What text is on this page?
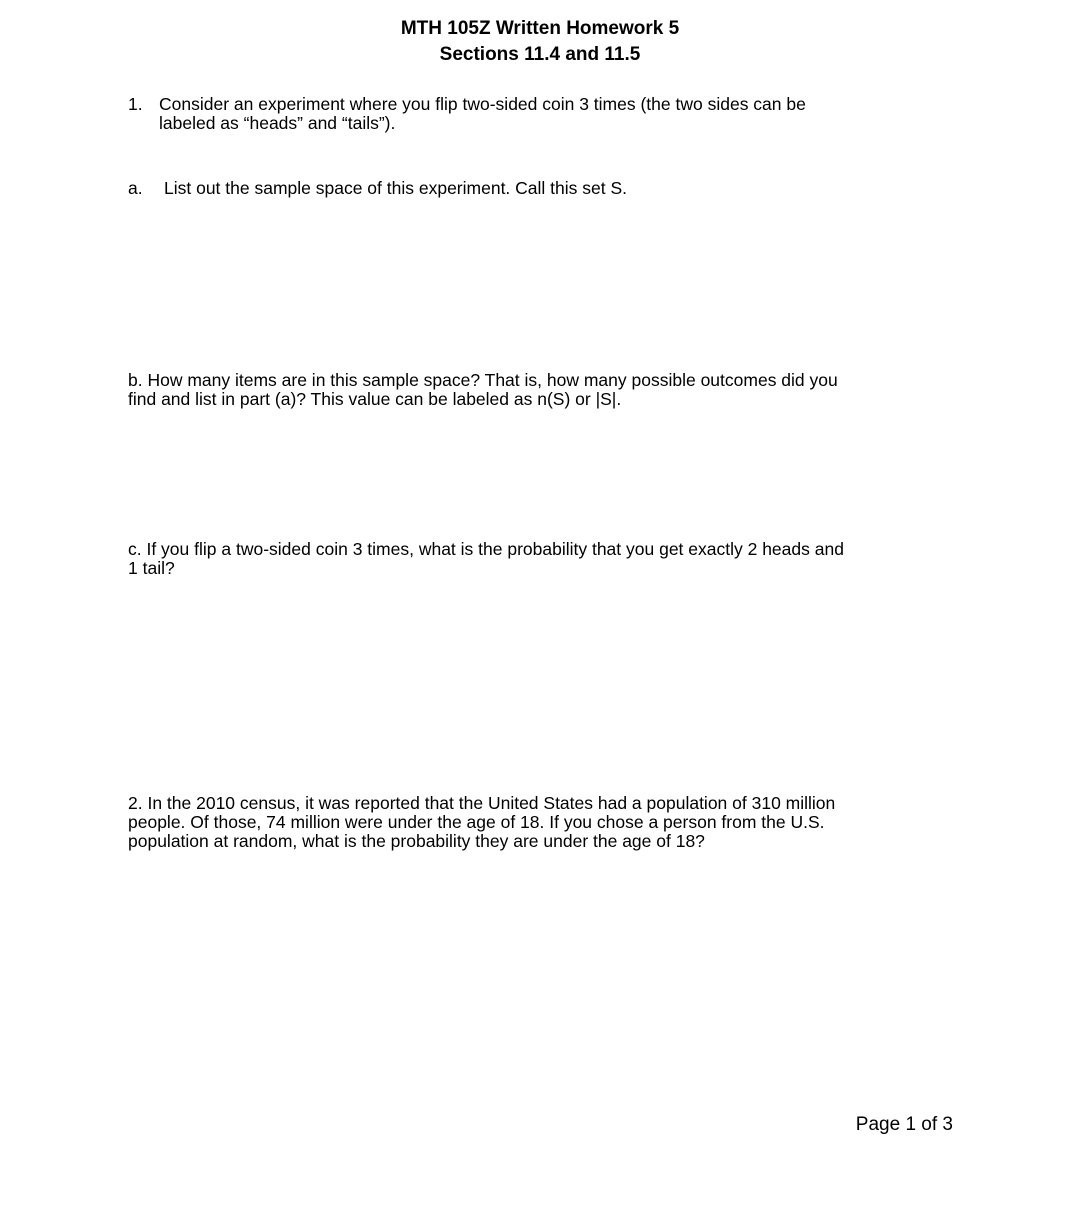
MTH 105Z Written Homework 5
Sections 11.4 and 11.5
1. Consider an experiment where you flip two-sided coin 3 times (the two sides can be
labeled as “heads” and “tails”).
a. List out the sample space of this experiment. Call this set S.
b. How many items are in this sample space? That is, how many possible outcomes did you
find and list in part (a)? This value can be labeled as n(S) or |S|.
c. If you flip a two-sided coin 3 times, what is the probability that you get exactly 2 heads and
1 tail?
2. In the 2010 census, it was reported that the United States had a population of 310 million
people. Of those, 74 million were under the age of 18. If you chose a person from the U.S.
population at random, what is the probability they are under the age of 18?
Page 1 of 3
